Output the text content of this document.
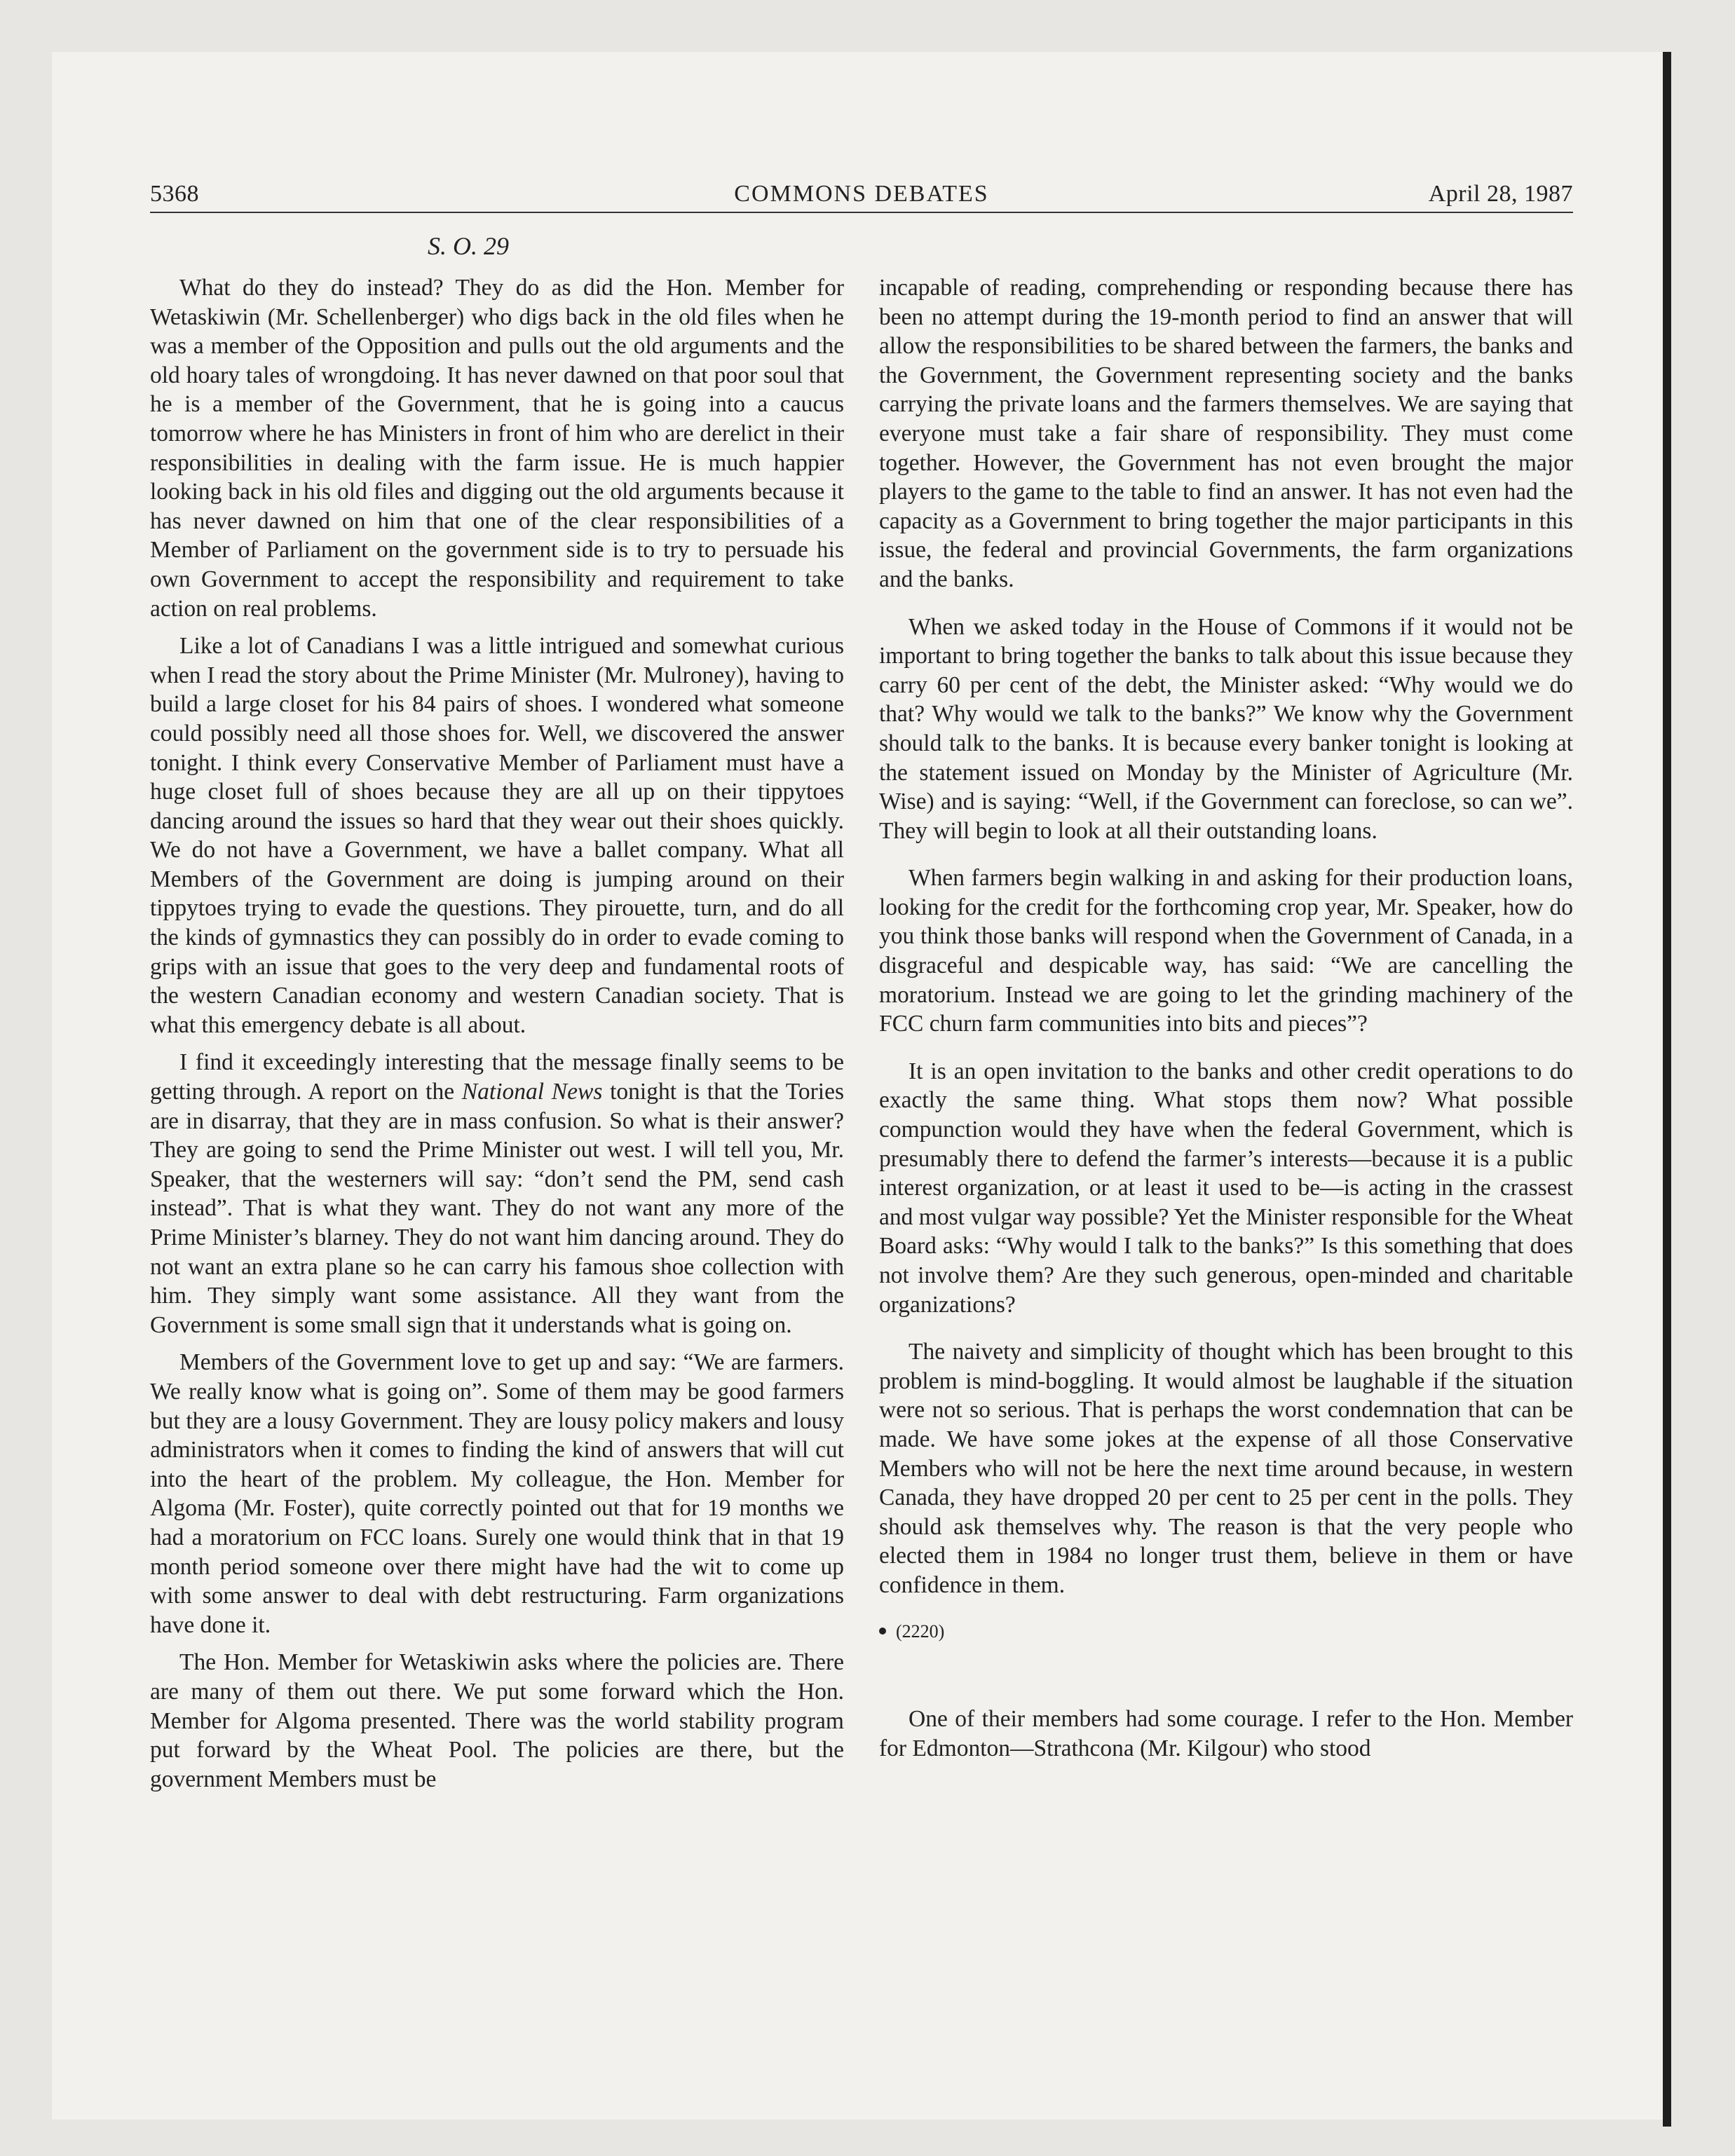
5368	COMMONS DEBATES	April 28, 1987
S. O. 29

What do they do instead? They do as did the Hon. Member for Wetaskiwin (Mr. Schellenberger) who digs back in the old files when he was a member of the Opposition and pulls out the old arguments and the old hoary tales of wrongdoing. It has never dawned on that poor soul that he is a member of the Government, that he is going into a caucus tomorrow where he has Ministers in front of him who are derelict in their responsibilities in dealing with the farm issue. He is much happier looking back in his old files and digging out the old arguments because it has never dawned on him that one of the clear responsibilities of a Member of Parliament on the government side is to try to persuade his own Government to accept the responsibility and requirement to take action on real problems.

Like a lot of Canadians I was a little intrigued and somewhat curious when I read the story about the Prime Minister (Mr. Mulroney), having to build a large closet for his 84 pairs of shoes. I wondered what someone could possibly need all those shoes for. Well, we discovered the answer tonight. I think every Conservative Member of Parliament must have a huge closet full of shoes because they are all up on their tippytoes dancing around the issues so hard that they wear out their shoes quickly. We do not have a Government, we have a ballet company. What all Members of the Government are doing is jumping around on their tippytoes trying to evade the questions. They pirouette, turn, and do all the kinds of gymnastics they can possibly do in order to evade coming to grips with an issue that goes to the very deep and fundamental roots of the western Canadian economy and western Canadian society. That is what this emergency debate is all about.

I find it exceedingly interesting that the message finally seems to be getting through. A report on the National News tonight is that the Tories are in disarray, that they are in mass confusion. So what is their answer? They are going to send the Prime Minister out west. I will tell you, Mr. Speaker, that the westerners will say: “don’t send the PM, send cash instead”. That is what they want. They do not want any more of the Prime Minister’s blarney. They do not want him dancing around. They do not want an extra plane so he can carry his famous shoe collection with him. They simply want some assistance. All they want from the Government is some small sign that it understands what is going on.

Members of the Government love to get up and say: “We are farmers. We really know what is going on”. Some of them may be good farmers but they are a lousy Government. They are lousy policy makers and lousy administrators when it comes to finding the kind of answers that will cut into the heart of the problem. My colleague, the Hon. Member for Algoma (Mr. Foster), quite correctly pointed out that for 19 months we had a moratorium on FCC loans. Surely one would think that in that 19 month period someone over there might have had the wit to come up with some answer to deal with debt restructuring. Farm organizations have done it.

The Hon. Member for Wetaskiwin asks where the policies are. There are many of them out there. We put some forward which the Hon. Member for Algoma presented. There was the world stability program put forward by the Wheat Pool. The policies are there, but the government Members must be

incapable of reading, comprehending or responding because there has been no attempt during the 19-month period to find an answer that will allow the responsibilities to be shared between the farmers, the banks and the Government, the Government representing society and the banks carrying the private loans and the farmers themselves. We are saying that everyone must take a fair share of responsibility. They must come together. However, the Government has not even brought the major players to the game to the table to find an answer. It has not even had the capacity as a Government to bring together the major participants in this issue, the federal and provincial Governments, the farm organizations and the banks.

When we asked today in the House of Commons if it would not be important to bring together the banks to talk about this issue because they carry 60 per cent of the debt, the Minister asked: “Why would we do that? Why would we talk to the banks?” We know why the Government should talk to the banks. It is because every banker tonight is looking at the statement issued on Monday by the Minister of Agriculture (Mr. Wise) and is saying: “Well, if the Government can foreclose, so can we”. They will begin to look at all their outstanding loans.

When farmers begin walking in and asking for their production loans, looking for the credit for the forthcoming crop year, Mr. Speaker, how do you think those banks will respond when the Government of Canada, in a disgraceful and despicable way, has said: “We are cancelling the moratorium. Instead we are going to let the grinding machinery of the FCC churn farm communities into bits and pieces”?

It is an open invitation to the banks and other credit operations to do exactly the same thing. What stops them now? What possible compunction would they have when the federal Government, which is presumably there to defend the farmer’s interests—because it is a public interest organization, or at least it used to be—is acting in the crassest and most vulgar way possible? Yet the Minister responsible for the Wheat Board asks: “Why would I talk to the banks?” Is this something that does not involve them? Are they such generous, open-minded and charitable organizations?

The naivety and simplicity of thought which has been brought to this problem is mind-boggling. It would almost be laughable if the situation were not so serious. That is perhaps the worst condemnation that can be made. We have some jokes at the expense of all those Conservative Members who will not be here the next time around because, in western Canada, they have dropped 20 per cent to 25 per cent in the polls. They should ask themselves why. The reason is that the very people who elected them in 1984 no longer trust them, believe in them or have confidence in them.

(2220)

One of their members had some courage. I refer to the Hon. Member for Edmonton—Strathcona (Mr. Kilgour) who stood
